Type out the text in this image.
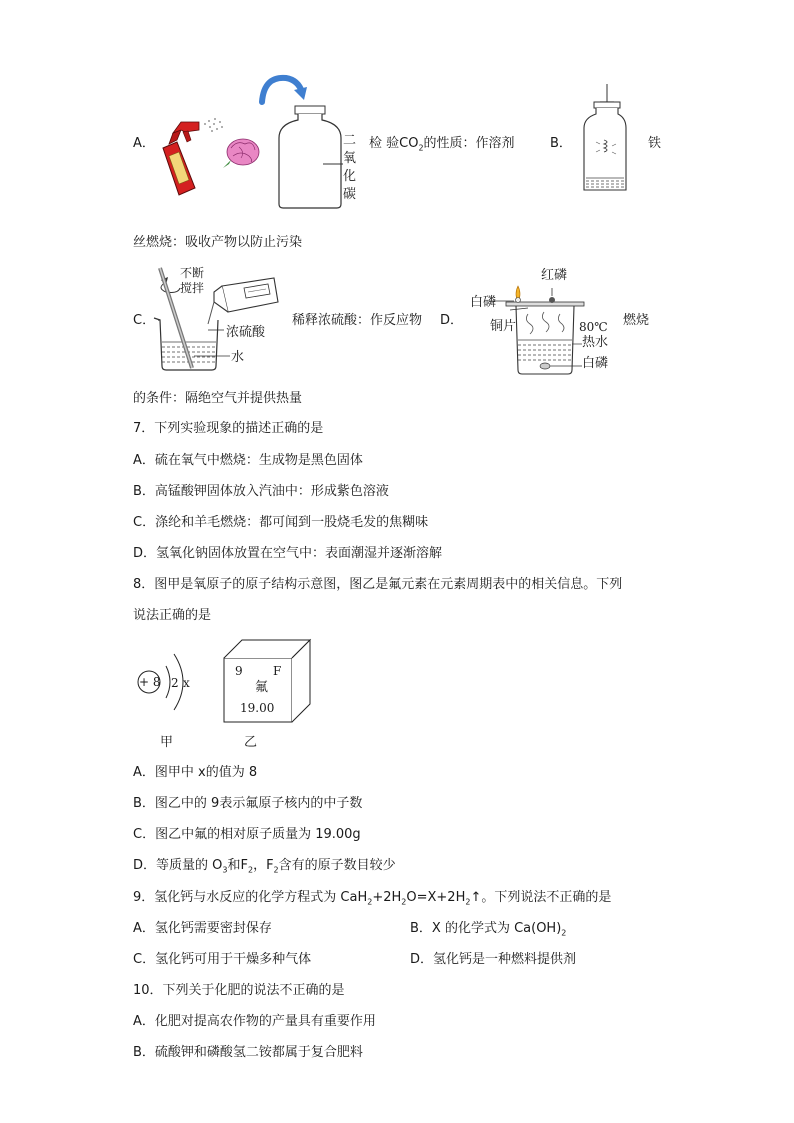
A．	二
氧
化
碳
检 验$CO_2$的性质：作溶剂	B．	铁
丝燃烧：吸收产物以防止污染
C．
不断
搅拌
浓硫酸
水
稀释浓硫酸：作反应物 D．
红磷
白磷
铜片	80℃
热水
白磷
燃烧
的条件：隔绝空气并提供热量
7．下列实验现象的描述正确的是
A．硫在氧气中燃烧：生成物是黑色固体
B．高锰酸钾固体放入汽油中：形成紫色溶液
C．涤纶和羊毛燃烧：都可闻到一股烧毛发的焦糊味
D．氢氧化钠固体放置在空气中：表面潮湿并逐渐溶解
8．图甲是氧原子的原子结构示意图，图乙是氟元素在元素周期表中的相关信息。下列
说法正确的是
+ 8 2 x
9	F
氟
19.00
甲	乙
A．图甲中 x的值为 8
B．图乙中的 9表示氟原子核内的中子数
C．图乙中氟的相对原子质量为 19.00g
D．等质量的 $O_3$和$F_2$，$F_2$含有的原子数目较少
9．氢化钙与水反应的化学方程式为 $CaH_2+2H_2O=X+2H_2↑$。下列说法不正确的是
A．氢化钙需要密封保存	B．X 的化学式为 $Ca(OH)_2$
C．氢化钙可用于干燥多种气体	D．氢化钙是一种燃料提供剂
10．下列关于化肥的说法不正确的是
A．化肥对提高农作物的产量具有重要作用
B．硫酸钾和磷酸氢二铵都属于复合肥料
